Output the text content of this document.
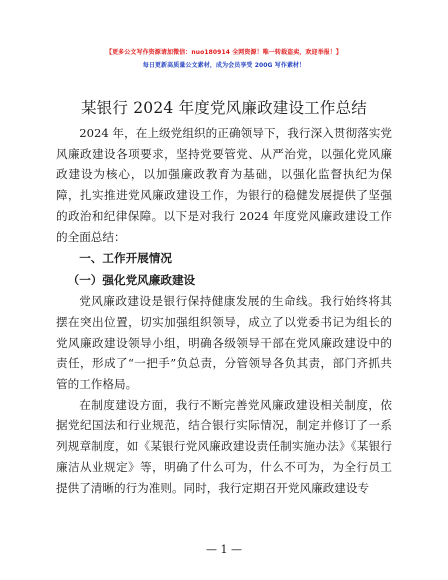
【更多公文写作资源请加微信：nuo180914 全网资源！唯一转载盗卖，欢迎举报！】
每日更新高质量公文素材，成为会员享受 200G 写作素材！
某银行 2024 年度党风廉政建设工作总结

2024 年，在上级党组织的正确领导下，我行深入贯彻落实党风廉政建设各项要求，坚持党要管党、从严治党，以强化党风廉政建设为核心，以加强廉政教育为基础，以强化监督执纪为保障，扎实推进党风廉政建设工作，为银行的稳健发展提供了坚强的政治和纪律保障。以下是对我行 2024 年度党风廉政建设工作的全面总结：

一、工作开展情况

（一）强化党风廉政建设

党风廉政建设是银行保持健康发展的生命线。我行始终将其摆在突出位置，切实加强组织领导，成立了以党委书记为组长的党风廉政建设领导小组，明确各级领导干部在党风廉政建设中的责任，形成了“一把手”负总责，分管领导各负其责，部门齐抓共管的工作格局。

在制度建设方面，我行不断完善党风廉政建设相关制度，依据党纪国法和行业规范，结合银行实际情况，制定并修订了一系列规章制度，如《某银行党风廉政建设责任制实施办法》《某银行廉洁从业规定》等，明确了什么可为，什么不可为，为全行员工提供了清晰的行为准则。同时，我行定期召开党风廉政建设专

— 1 —
